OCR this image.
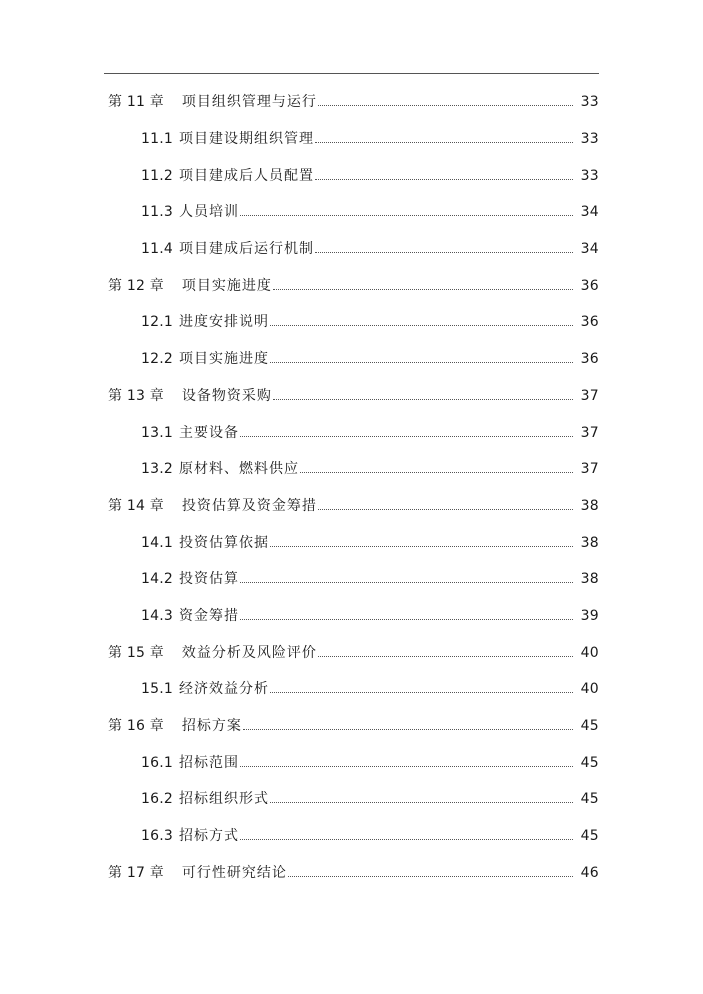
第 11 章 项目组织管理与运行	33
11.1 项目建设期组织管理	33
11.2 项目建成后人员配置	33
11.3 人员培训	34
11.4 项目建成后运行机制	34
第 12 章 项目实施进度	36
12.1 进度安排说明	36
12.2 项目实施进度	36
第 13 章 设备物资采购	37
13.1 主要设备	37
13.2 原材料、燃料供应	37
第 14 章 投资估算及资金筹措	38
14.1 投资估算依据	38
14.2 投资估算	38
14.3 资金筹措	39
第 15 章 效益分析及风险评价	40
15.1 经济效益分析	40
第 16 章 招标方案	45
16.1 招标范围	45
16.2 招标组织形式	45
16.3 招标方式	45
第 17 章 可行性研究结论	46
